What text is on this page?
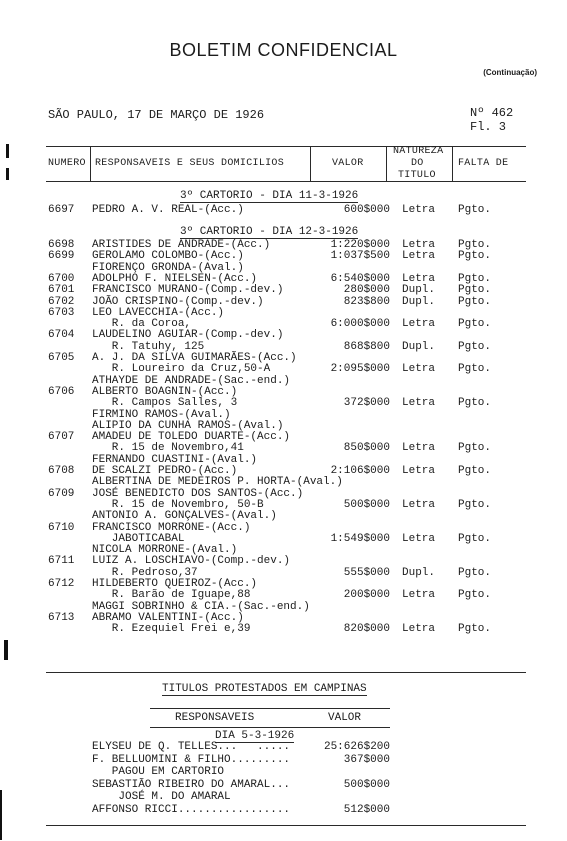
BOLETIM CONFIDENCIAL
(Continuação)
SÃO PAULO, 17 DE MARÇO DE 1926	Nº 462
Fl. 3
NUMERO RESPONSAVEIS E SEUS DOMICILIOS	VALOR
NATUREZA
DO
TITULO
FALTA DE
3º CARTORIO - DIA 11-3-1926
3º CARTORIO - DIA 12-3-1926
6697	PEDRO A. V. REAL-(Acc.)	600$000 Letra Pgto.
6698	ARISTIDES DE ANDRADE-(Acc.)	1:220$000 Letra Pgto.
6699	GEROLAMO COLOMBO-(Acc.)	1:037$500 Letra Pgto.
FIORENÇO GRONDA-(Aval.)
6700	ADOLPHO F. NIELSEN-(Acc.)	6:540$000 Letra Pgto.
6701	FRANCISCO MURANO-(Comp.-dev.)	280$000 Dupl. Pgto.
6702	JOÃO CRISPINO-(Comp.-dev.)	823$800 Dupl. Pgto.
6703	LEO LAVECCHIA-(Acc.)
R. da Coroa,	6:000$000 Letra Pgto.
6704	LAUDELINO AGUIAR-(Comp.-dev.)
R. Tatuhy, 125	868$800 Dupl. Pgto.
6705	A. J. DA SILVA GUIMARÃES-(Acc.)
R. Loureiro da Cruz,50-A	2:095$000 Letra Pgto.
ATHAYDE DE ANDRADE-(Sac.-end.)
6706	ALBERTO BOAGNIN-(Acc.)
R. Campos Salles, 3	372$000 Letra Pgto.
FIRMINO RAMOS-(Aval.)
ALIPIO DA CUNHA RAMOS-(Aval.)
6707	AMADEU DE TOLEDO DUARTE-(Acc.)
R. 15 de Novembro,41	850$000 Letra Pgto.
FERNANDO CUASTINI-(Aval.)
6708	DE SCALZI PEDRO-(Acc.)	2:106$000 Letra Pgto.
ALBERTINA DE MEDEIROS P. HORTA-(Aval.)
6709	JOSÉ BENEDICTO DOS SANTOS-(Acc.)
R. 15 de Novembro, 50-B	500$000 Letra Pgto.
ANTONIO A. GONÇALVES-(Aval.)
6710	FRANCISCO MORRONE-(Acc.)
JABOTICABAL	1:549$000 Letra Pgto.
NICOLA MORRONE-(Aval.)
6711	LUIZ A. LOSCHIAVO-(Comp.-dev.)
R. Pedroso,37	555$000 Dupl. Pgto.
6712	HILDEBERTO QUEIROZ-(Acc.)
R. Barão de Iguape,88	200$000 Letra Pgto.
MAGGI SOBRINHO & CIA.-(Sac.-end.)
6713	ABRAMO VALENTINI-(Acc.)
R. Ezequiel Frei e,39	820$000 Letra Pgto.
TITULOS PROTESTADOS EM CAMPINAS
RESPONSAVEIS	VALOR
DIA 5-3-1926
ELYSEU DE Q. TELLES...   .....	25:626$200
F. BELLUOMINI & FILHO.........	367$000
PAGOU EM CARTORIO
SEBASTIÃO RIBEIRO DO AMARAL...	500$000
JOSÉ M. DO AMARAL
AFFONSO RICCI.................	512$000
